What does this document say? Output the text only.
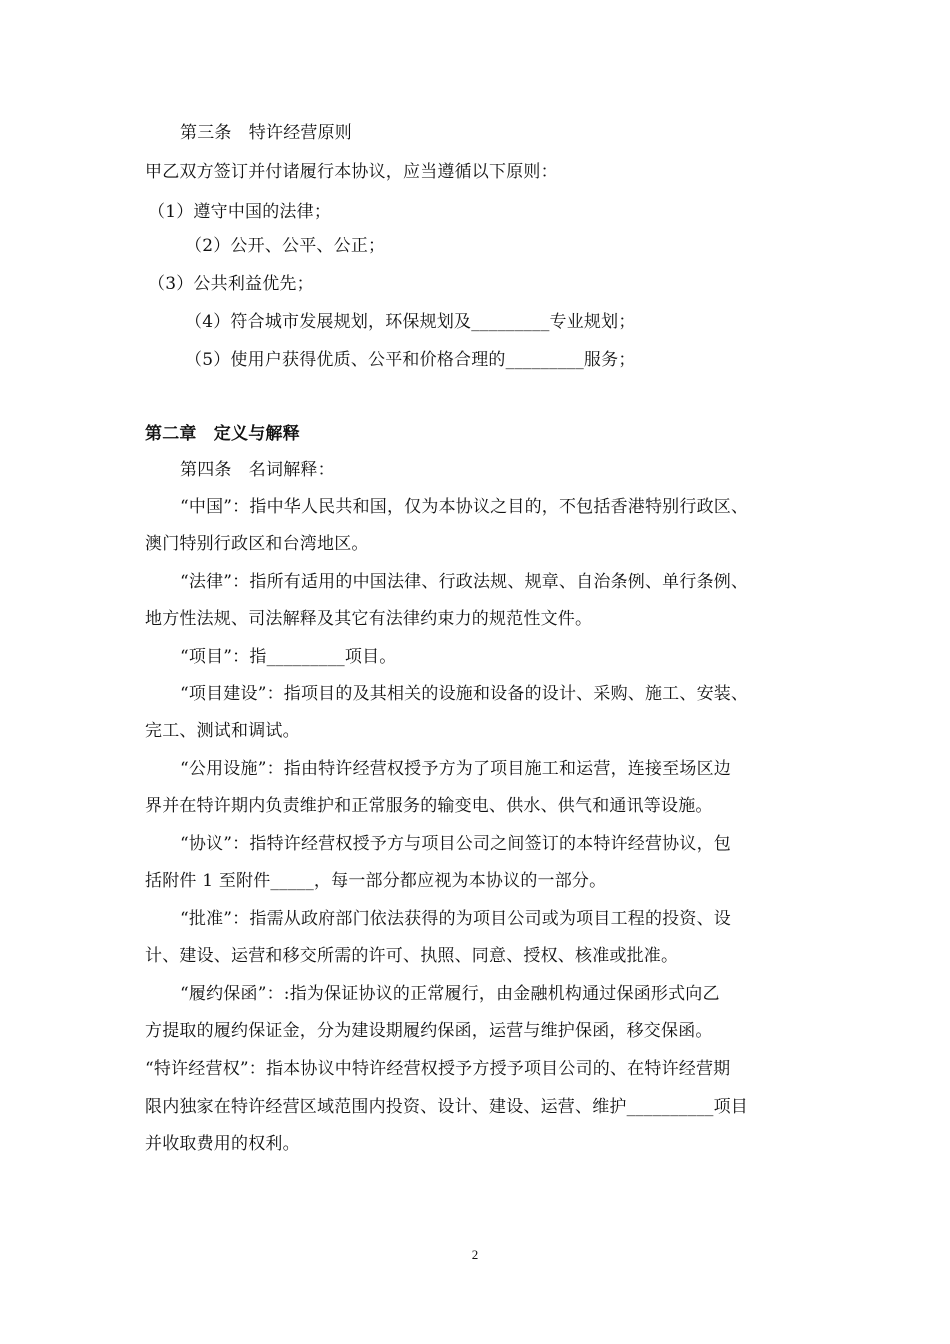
第三条　特许经营原则
甲乙双方签订并付诸履行本协议，应当遵循以下原则：
（1）遵守中国的法律；
（2）公开、公平、公正；
（3）公共利益优先；
（4）符合城市发展规划，环保规划及_________专业规划；
（5）使用户获得优质、公平和价格合理的_________服务；
第二章　定义与解释
第四条　名词解释：
“中国”：指中华人民共和国，仅为本协议之目的，不包括香港特别行政区、
澳门特别行政区和台湾地区。
“法律”：指所有适用的中国法律、行政法规、规章、自治条例、单行条例、
地方性法规、司法解释及其它有法律约束力的规范性文件。
“项目”：指_________项目。
“项目建设”：指项目的及其相关的设施和设备的设计、采购、施工、安装、
完工、测试和调试。
“公用设施”：指由特许经营权授予方为了项目施工和运营，连接至场区边
界并在特许期内负责维护和正常服务的输变电、供水、供气和通讯等设施。
“协议”：指特许经营权授予方与项目公司之间签订的本特许经营协议，包
括附件 1 至附件_____，每一部分都应视为本协议的一部分。
“批准”：指需从政府部门依法获得的为项目公司或为项目工程的投资、设
计、建设、运营和移交所需的许可、执照、同意、授权、核准或批准。
“履约保函”：:指为保证协议的正常履行，由金融机构通过保函形式向乙
方提取的履约保证金，分为建设期履约保函，运营与维护保函，移交保函。
“特许经营权”：指本协议中特许经营权授予方授予项目公司的、在特许经营期
限内独家在特许经营区域范围内投资、设计、建设、运营、维护__________项目
并收取费用的权利。
2
